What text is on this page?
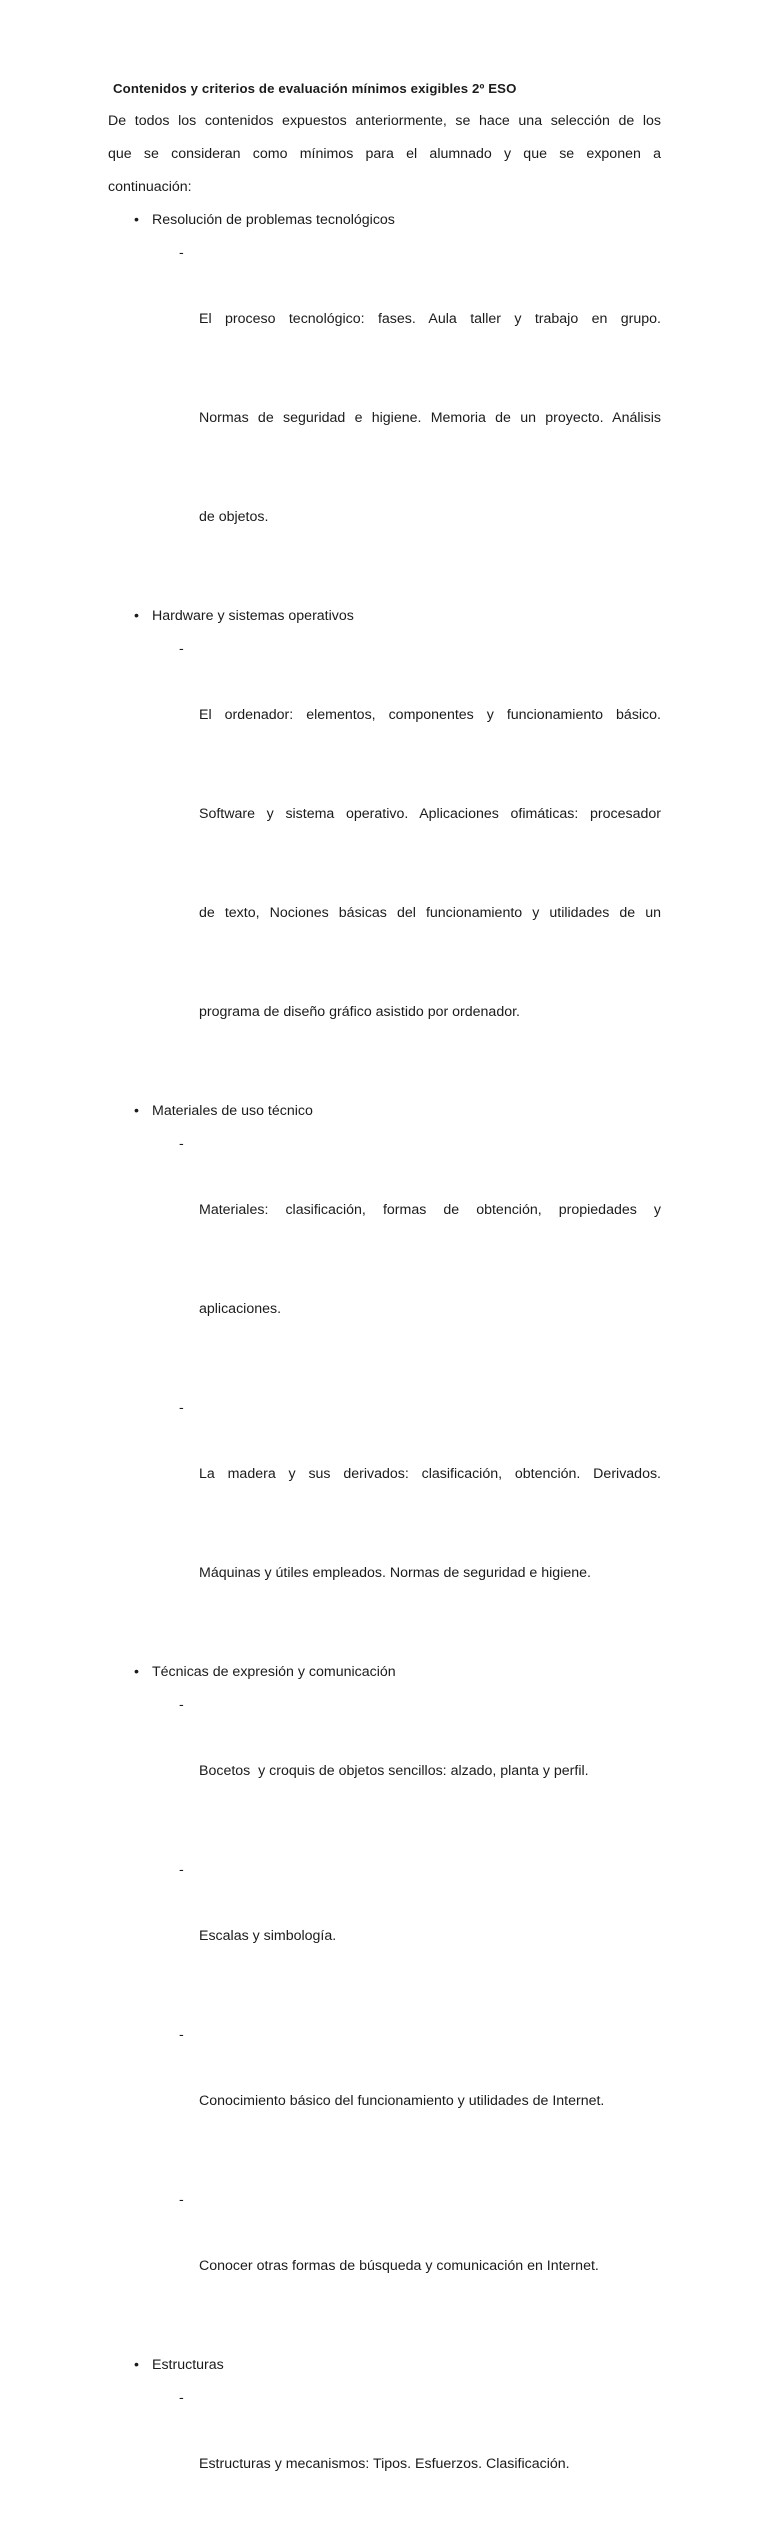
Contenidos y criterios de evaluación mínimos exigibles 2º ESO

De todos los contenidos expuestos anteriormente, se hace una selección de los
que se consideran como mínimos para el alumnado y que se exponen a
continuación:

• Resolución de problemas tecnológicos
-

El proceso tecnológico: fases. Aula taller y trabajo en grupo.

Normas de seguridad e higiene. Memoria de un proyecto. Análisis

de objetos.

• Hardware y sistemas operativos
-

El ordenador: elementos, componentes y funcionamiento básico.

Software y sistema operativo. Aplicaciones ofimáticas: procesador

de texto, Nociones básicas del funcionamiento y utilidades de un

programa de diseño gráfico asistido por ordenador.

• Materiales de uso técnico
-

Materiales: clasificación, formas de obtención, propiedades y

aplicaciones.

-

La madera y sus derivados: clasificación, obtención. Derivados.

Máquinas y útiles empleados. Normas de seguridad e higiene.

• Técnicas de expresión y comunicación
-

Bocetos  y croquis de objetos sencillos: alzado, planta y perfil.

-

Escalas y simbología.

-

Conocimiento básico del funcionamiento y utilidades de Internet.

-

Conocer otras formas de búsqueda y comunicación en Internet.

• Estructuras
-

Estructuras y mecanismos: Tipos. Esfuerzos. Clasificación.
